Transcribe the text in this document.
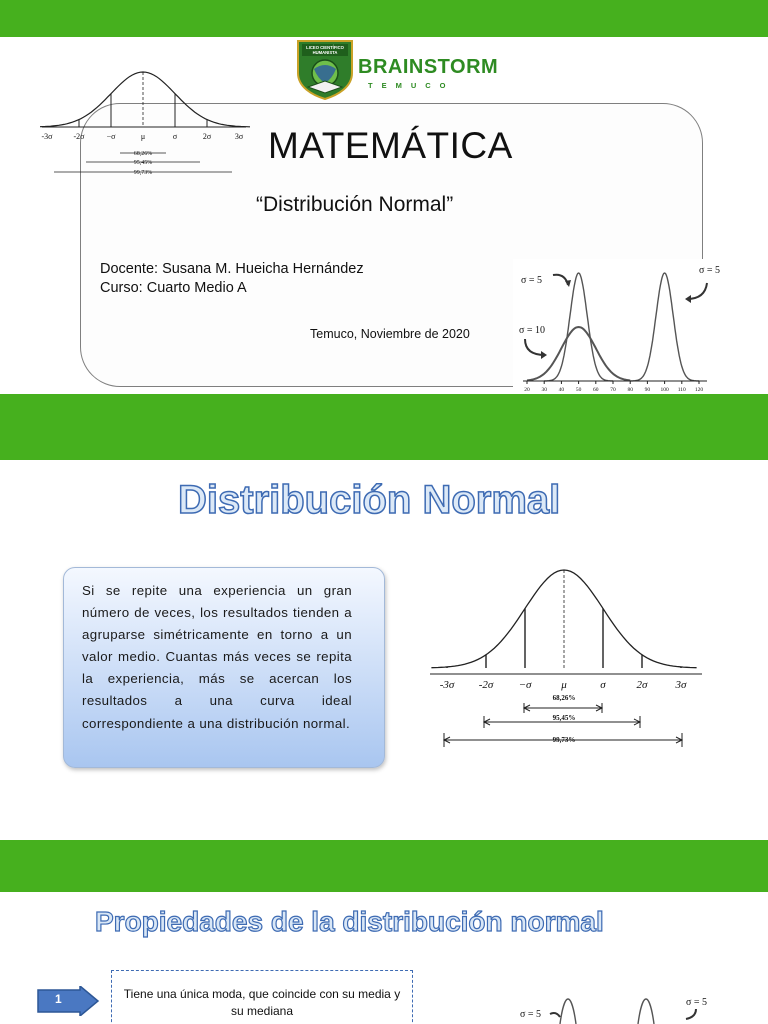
-3σ	-2σ	−σ	μ	σ	2σ	3σ
68,26%
95,45%
99,73%
LICEO CIENTÍFICO HUMANISTA
BRAINSTORM
TEMUCO
MATEMÁTICA
“Distribución Normal”
Docente: Susana M. Hueicha Hernández
Curso: Cuarto Medio A
Temuco, Noviembre de 2020
20 30 40 50 60 70 80 90 100 110 120
σ = 5
σ = 10
σ = 5
Distribución Normal
Si se repite una experiencia un gran número de veces, los resultados tienden a agruparse simétricamente en torno a un valor medio. Cuantas más veces se repita la experiencia, más se acercan los resultados a una curva ideal correspondiente a una distribución normal.
-3σ -2σ −σ	μ	σ	2σ	3σ
68,26%
95,45%
99,73%
Propiedades de la distribución normal
1	Tiene una única moda, que coincide con su media y su mediana	σ = 5
σ = 5
